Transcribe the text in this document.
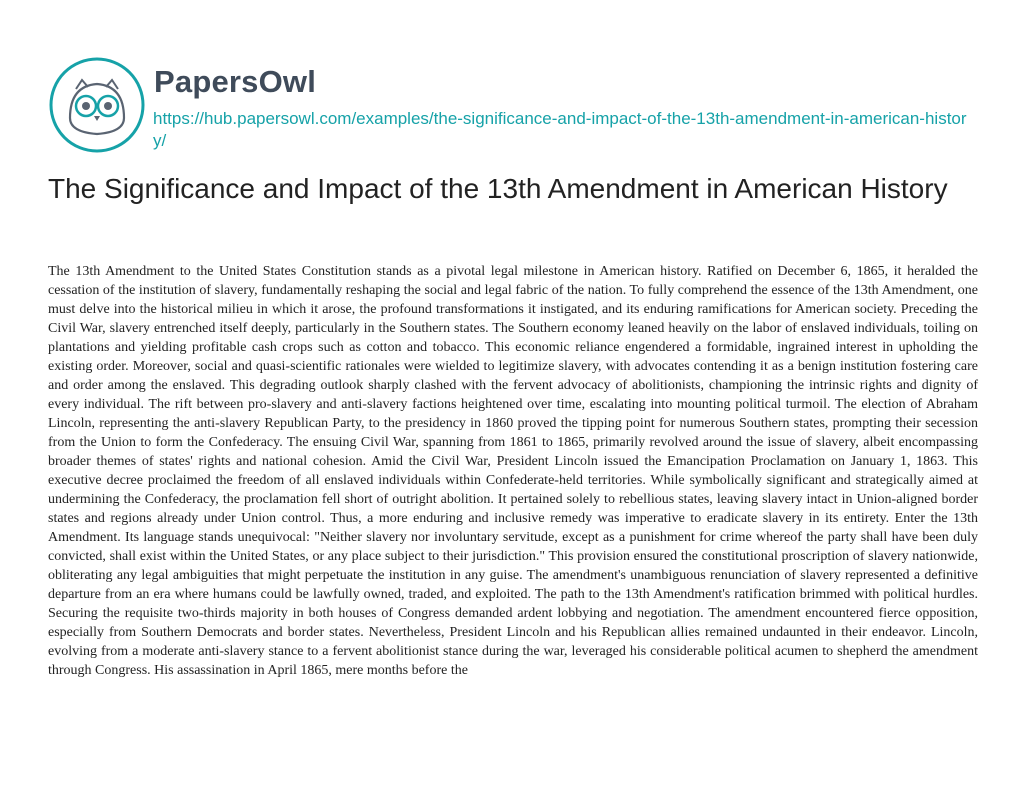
PapersOwl
https://hub.papersowl.com/examples/the-significance-and-impact-of-the-13th-amendment-in-american-history/
The Significance and Impact of the 13th Amendment in American History
The 13th Amendment to the United States Constitution stands as a pivotal legal milestone in American history. Ratified on December 6, 1865, it heralded the cessation of the institution of slavery, fundamentally reshaping the social and legal fabric of the nation. To fully comprehend the essence of the 13th Amendment, one must delve into the historical milieu in which it arose, the profound transformations it instigated, and its enduring ramifications for American society. Preceding the Civil War, slavery entrenched itself deeply, particularly in the Southern states. The Southern economy leaned heavily on the labor of enslaved individuals, toiling on plantations and yielding profitable cash crops such as cotton and tobacco. This economic reliance engendered a formidable, ingrained interest in upholding the existing order. Moreover, social and quasi-scientific rationales were wielded to legitimize slavery, with advocates contending it as a benign institution fostering care and order among the enslaved. This degrading outlook sharply clashed with the fervent advocacy of abolitionists, championing the intrinsic rights and dignity of every individual. The rift between pro-slavery and anti-slavery factions heightened over time, escalating into mounting political turmoil. The election of Abraham Lincoln, representing the anti-slavery Republican Party, to the presidency in 1860 proved the tipping point for numerous Southern states, prompting their secession from the Union to form the Confederacy. The ensuing Civil War, spanning from 1861 to 1865, primarily revolved around the issue of slavery, albeit encompassing broader themes of states' rights and national cohesion. Amid the Civil War, President Lincoln issued the Emancipation Proclamation on January 1, 1863. This executive decree proclaimed the freedom of all enslaved individuals within Confederate-held territories. While symbolically significant and strategically aimed at undermining the Confederacy, the proclamation fell short of outright abolition. It pertained solely to rebellious states, leaving slavery intact in Union-aligned border states and regions already under Union control. Thus, a more enduring and inclusive remedy was imperative to eradicate slavery in its entirety. Enter the 13th Amendment. Its language stands unequivocal: "Neither slavery nor involuntary servitude, except as a punishment for crime whereof the party shall have been duly convicted, shall exist within the United States, or any place subject to their jurisdiction." This provision ensured the constitutional proscription of slavery nationwide, obliterating any legal ambiguities that might perpetuate the institution in any guise. The amendment's unambiguous renunciation of slavery represented a definitive departure from an era where humans could be lawfully owned, traded, and exploited. The path to the 13th Amendment's ratification brimmed with political hurdles. Securing the requisite two-thirds majority in both houses of Congress demanded ardent lobbying and negotiation. The amendment encountered fierce opposition, especially from Southern Democrats and border states. Nevertheless, President Lincoln and his Republican allies remained undaunted in their endeavor. Lincoln, evolving from a moderate anti-slavery stance to a fervent abolitionist stance during the war, leveraged his considerable political acumen to shepherd the amendment through Congress. His assassination in April 1865, mere months before the
